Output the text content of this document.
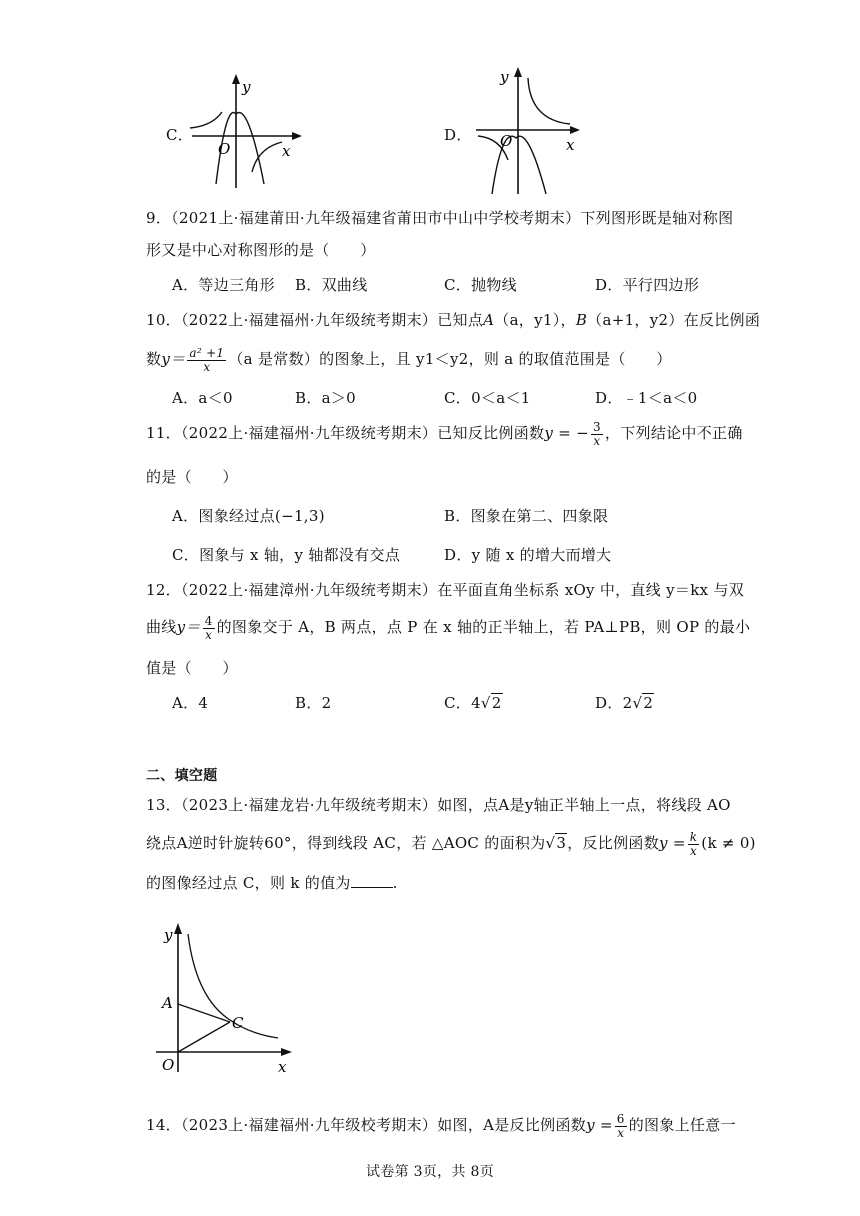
C．
y
x
O
D．
y
x
O
9．（2021上·福建莆田·九年级福建省莆田市中山中学校考期末）下列图形既是轴对称图
形又是中心对称图形的是（　　）
A．等边三角形 B．双曲线	C．抛物线	D．平行四边形
10．（2022上·福建福州·九年级统考期末）已知点A（a，y1），B（a+1，y2）在反比例函
数$y= \frac{\text{a² +1}}{x} (a$ 是常数）的图象上，且 y1＜y2，则 a 的取值范围是（　　）
A．a＜0	B．a＞0	C．0＜a＜1	D．﹣1＜a＜0
11．（2022上·福建福州·九年级统考期末）已知反比例函数y = − $\frac{3}{x}$ ，下列结论中不正确
的是（　　）
A．图象经过点(−1,3)	B．图象在第二、四象限
C．图象与 x 轴，y 轴都没有交点	D．y 随 x 的增大而增大
12．（2022上·福建漳州·九年级统考期末）在平面直角坐标系 xOy 中，直线 y＝kx 与双
曲线$y= \frac{4}{x}$ 的图象交于 A，B 两点，点 P 在 x 轴的正半轴上，若 PA⊥PB，则 OP 的最小
值是（　　）
A．4	B．2	C．4√2	D．2√2
二、填空题
13．（2023上·福建龙岩·九年级统考期末）如图，点A是y轴正半轴上一点，将线段 AO
绕点A逆时针旋转60°，得到线段 AC，若 △AOC 的面积为√3，反比例函数$y = \frac{k}{x} (k \ne 0)$
的图像经过点 C，则 k 的值为	.
y
x
O
A
C
14．（2023上·福建福州·九年级校考期末）如图，A是反比例函数$y = \frac{6}{x}$ 的图象上任意一
试卷第 3页，共 8页
